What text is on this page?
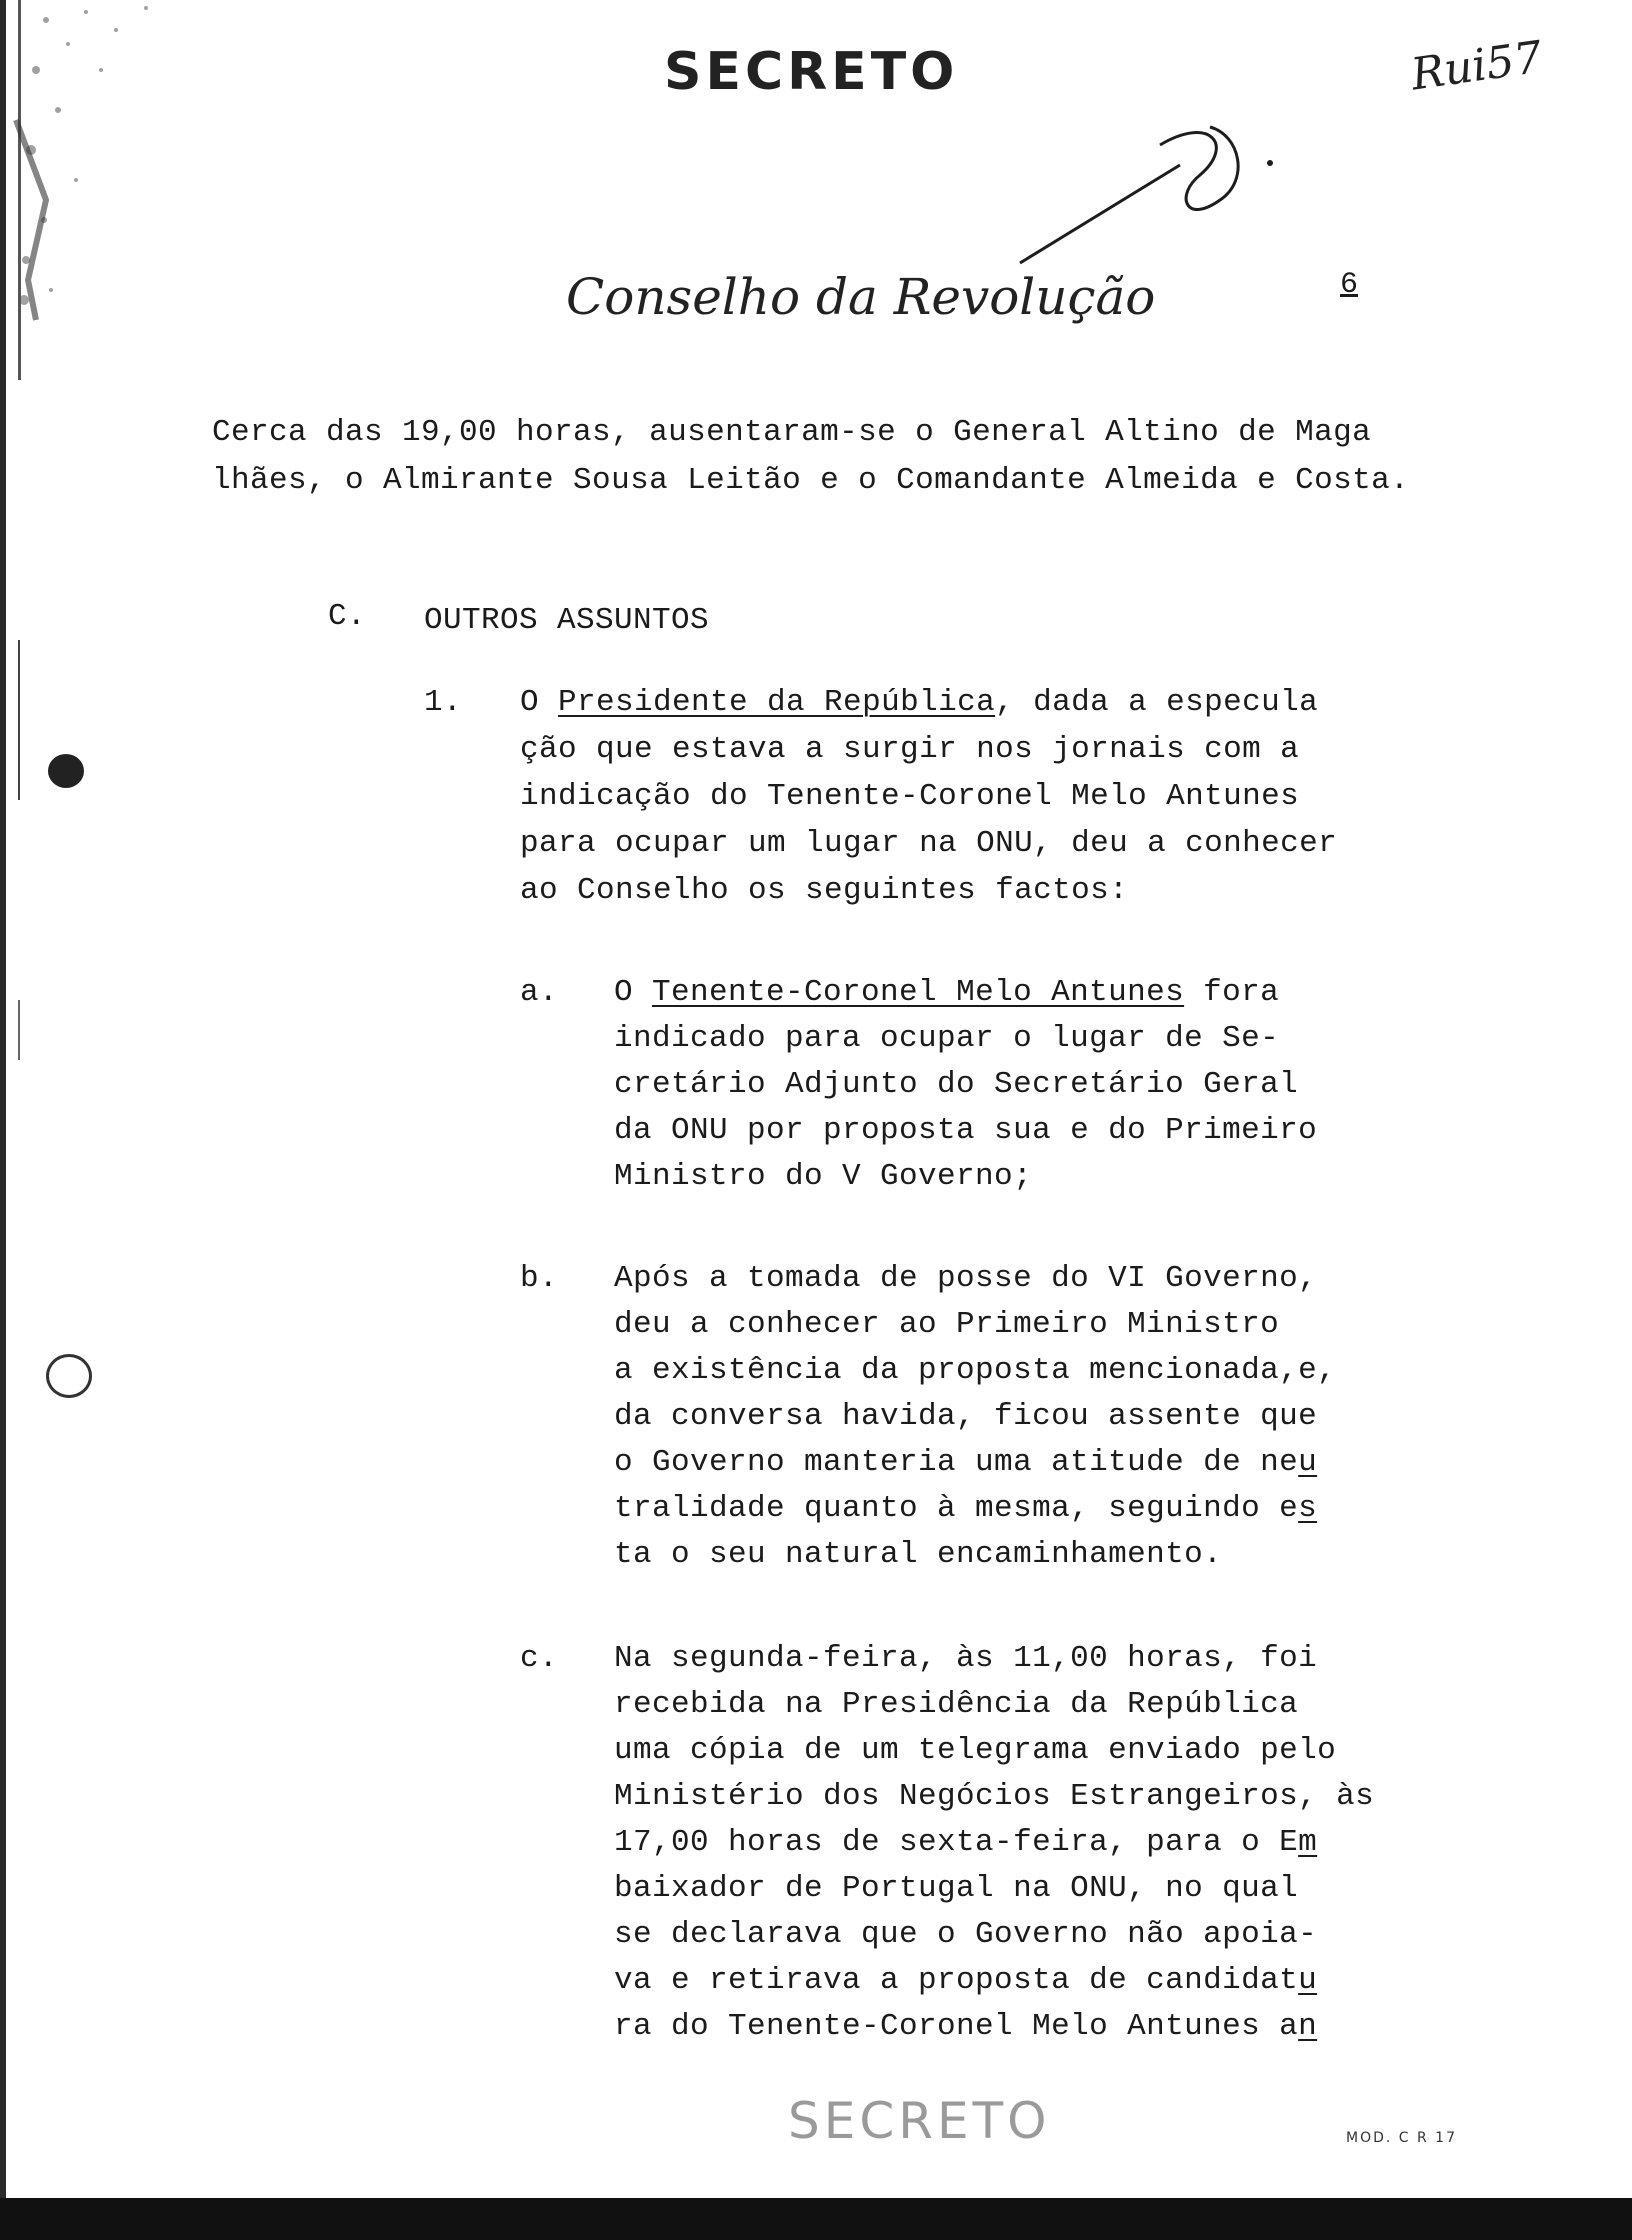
SECRETO	Rui57
Conselho da Revolução	6
Cerca das 19,00 horas, ausentaram-se o General Altino de Maga
lhães, o Almirante Sousa Leitão e o Comandante Almeida e Costa.
C. OUTROS ASSUNTOS
1. O Presidente da República, dada a especula
ção que estava a surgir nos jornais com a
indicação do Tenente-Coronel Melo Antunes
para ocupar um lugar na ONU, deu a conhecer
ao Conselho os seguintes factos:
a. O Tenente-Coronel Melo Antunes fora
indicado para ocupar o lugar de Se-
cretário Adjunto do Secretário Geral
da ONU por proposta sua e do Primeiro
Ministro do V Governo;
b. Após a tomada de posse do VI Governo,
deu a conhecer ao Primeiro Ministro
a existência da proposta mencionada,e,
da conversa havida, ficou assente que
o Governo manteria uma atitude de neu
tralidade quanto à mesma, seguindo es
ta o seu natural encaminhamento.
c. Na segunda-feira, às 11,00 horas, foi
recebida na Presidência da República
uma cópia de um telegrama enviado pelo
Ministério dos Negócios Estrangeiros, às
17,00 horas de sexta-feira, para o Em
baixador de Portugal na ONU, no qual
se declarava que o Governo não apoia-
va e retirava a proposta de candidatu
ra do Tenente-Coronel Melo Antunes an
SECRETO	MOD. C R 17
